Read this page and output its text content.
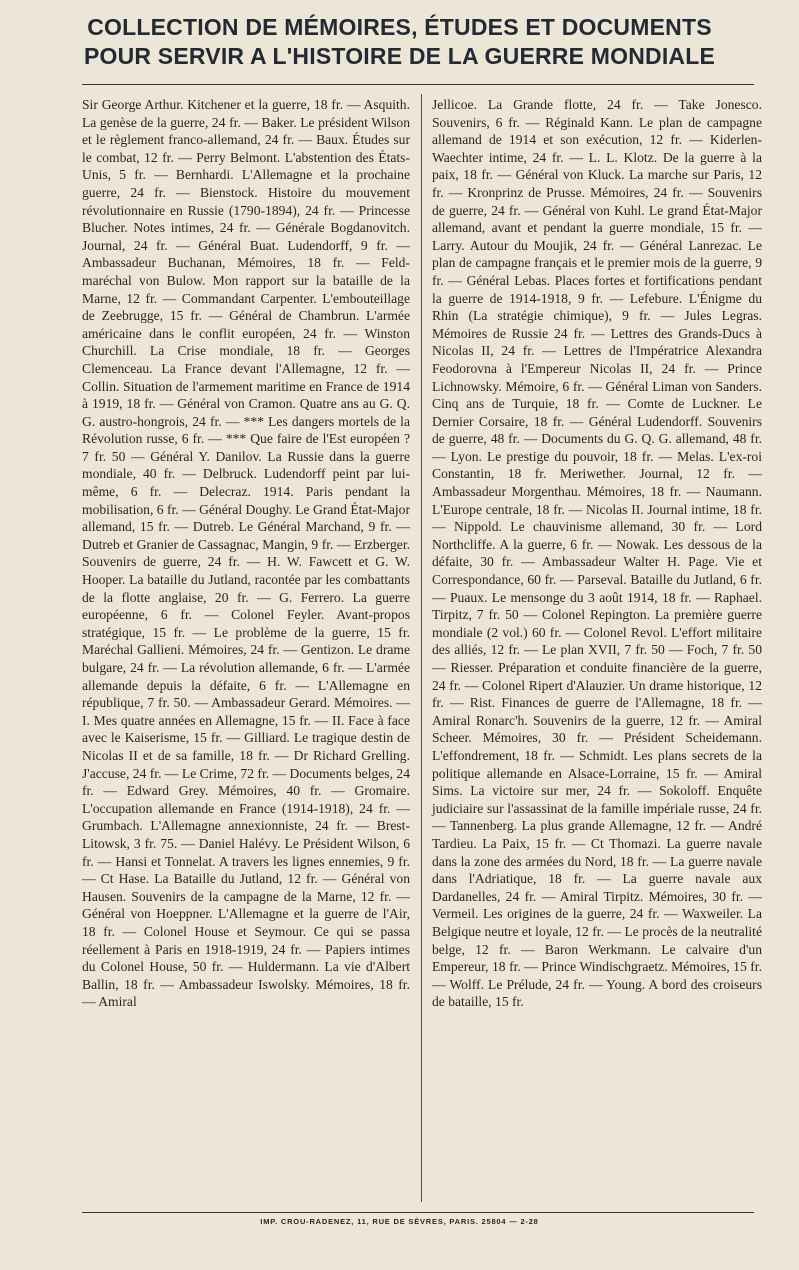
COLLECTION DE MÉMOIRES, ÉTUDES ET DOCUMENTS
POUR SERVIR A L'HISTOIRE DE LA GUERRE MONDIALE

Sir George Arthur. Kitchener et la guerre, 18 fr. — Asquith. La genèse de la guerre, 24 fr. — Baker. Le président Wilson et le règlement franco-allemand, 24 fr. — Baux. Études sur le combat, 12 fr. — Perry Belmont. L'abstention des États-Unis, 5 fr. — Bernhardi. L'Allemagne et la prochaine guerre, 24 fr. — Bienstock. Histoire du mouvement révolutionnaire en Russie (1790-1894), 24 fr. — Princesse Blucher. Notes intimes, 24 fr. — Générale Bogdanovitch. Journal, 24 fr. — Général Buat. Ludendorff, 9 fr. — Ambassadeur Buchanan, Mémoires, 18 fr. — Feld-maréchal von Bulow. Mon rapport sur la bataille de la Marne, 12 fr. — Commandant Carpenter. L'embouteillage de Zeebrugge, 15 fr. — Général de Chambrun. L'armée américaine dans le conflit européen, 24 fr. — Winston Churchill. La Crise mondiale, 18 fr. — Georges Clemenceau. La France devant l'Allemagne, 12 fr. — Collin. Situation de l'armement maritime en France de 1914 à 1919, 18 fr. — Général von Cramon. Quatre ans au G. Q. G. austro-hongrois, 24 fr. — *** Les dangers mortels de la Révolution russe, 6 fr. — *** Que faire de l'Est européen ? 7 fr. 50 — Général Y. Danilov. La Russie dans la guerre mondiale, 40 fr. — Delbruck. Ludendorff peint par lui-même, 6 fr. — Delecraz. 1914. Paris pendant la mobilisation, 6 fr. — Général Doughy. Le Grand État-Major allemand, 15 fr. — Dutreb. Le Général Marchand, 9 fr. — Dutreb et Granier de Cassagnac, Mangin, 9 fr. — Erzberger. Souvenirs de guerre, 24 fr. — H. W. Fawcett et G. W. Hooper. La bataille du Jutland, racontée par les combattants de la flotte anglaise, 20 fr. — G. Ferrero. La guerre européenne, 6 fr. — Colonel Feyler. Avant-propos stratégique, 15 fr. — Le problème de la guerre, 15 fr. Maréchal Gallieni. Mémoires, 24 fr. — Gentizon. Le drame bulgare, 24 fr. — La révolution allemande, 6 fr. — L'armée allemande depuis la défaite, 6 fr. — L'Allemagne en république, 7 fr. 50. — Ambassadeur Gerard. Mémoires. — I. Mes quatre années en Allemagne, 15 fr. — II. Face à face avec le Kaiserisme, 15 fr. — Gilliard. Le tragique destin de Nicolas II et de sa famille, 18 fr. — Dr Richard Grelling. J'accuse, 24 fr. — Le Crime, 72 fr. — Documents belges, 24 fr. — Edward Grey. Mémoires, 40 fr. — Gromaire. L'occupation allemande en France (1914-1918), 24 fr. — Grumbach. L'Allemagne annexionniste, 24 fr. — Brest-Litowsk, 3 fr. 75. — Daniel Halévy. Le Président Wilson, 6 fr. — Hansi et Tonnelat. A travers les lignes ennemies, 9 fr. — Ct Hase. La Bataille du Jutland, 12 fr. — Général von Hausen. Souvenirs de la campagne de la Marne, 12 fr. — Général von Hoeppner. L'Allemagne et la guerre de l'Air, 18 fr. — Colonel House et Seymour. Ce qui se passa réellement à Paris en 1918-1919, 24 fr. — Papiers intimes du Colonel House, 50 fr. — Huldermann. La vie d'Albert Ballin, 18 fr. — Ambassadeur Iswolsky. Mémoires, 18 fr. — Amiral

Jellicoe. La Grande flotte, 24 fr. — Take Jonesco. Souvenirs, 6 fr. — Réginald Kann. Le plan de campagne allemand de 1914 et son exécution, 12 fr. — Kiderlen-Waechter intime, 24 fr. — L. L. Klotz. De la guerre à la paix, 18 fr. — Général von Kluck. La marche sur Paris, 12 fr. — Kronprinz de Prusse. Mémoires, 24 fr. — Souvenirs de guerre, 24 fr. — Général von Kuhl. Le grand État-Major allemand, avant et pendant la guerre mondiale, 15 fr. — Larry. Autour du Moujik, 24 fr. — Général Lanrezac. Le plan de campagne français et le premier mois de la guerre, 9 fr. — Général Lebas. Places fortes et fortifications pendant la guerre de 1914-1918, 9 fr. — Lefebure. L'Énigme du Rhin (La stratégie chimique), 9 fr. — Jules Legras. Mémoires de Russie 24 fr. — Lettres des Grands-Ducs à Nicolas II, 24 fr. — Lettres de l'Impératrice Alexandra Feodorovna à l'Empereur Nicolas II, 24 fr. — Prince Lichnowsky. Mémoire, 6 fr. — Général Liman von Sanders. Cinq ans de Turquie, 18 fr. — Comte de Luckner. Le Dernier Corsaire, 18 fr. — Général Ludendorff. Souvenirs de guerre, 48 fr. — Documents du G. Q. G. allemand, 48 fr. — Lyon. Le prestige du pouvoir, 18 fr. — Melas. L'ex-roi Constantin, 18 fr. Meriwether. Journal, 12 fr. — Ambassadeur Morgenthau. Mémoires, 18 fr. — Naumann. L'Europe centrale, 18 fr. — Nicolas II. Journal intime, 18 fr. — Nippold. Le chauvinisme allemand, 30 fr. — Lord Northcliffe. A la guerre, 6 fr. — Nowak. Les dessous de la défaite, 30 fr. — Ambassadeur Walter H. Page. Vie et Correspondance, 60 fr. — Parseval. Bataille du Jutland, 6 fr. — Puaux. Le mensonge du 3 août 1914, 18 fr. — Raphael. Tirpitz, 7 fr. 50 — Colonel Repington. La première guerre mondiale (2 vol.) 60 fr. — Colonel Revol. L'effort militaire des alliés, 12 fr. — Le plan XVII, 7 fr. 50 — Foch, 7 fr. 50 — Riesser. Préparation et conduite financière de la guerre, 24 fr. — Colonel Ripert d'Alauzier. Un drame historique, 12 fr. — Rist. Finances de guerre de l'Allemagne, 18 fr. — Amiral Ronarc'h. Souvenirs de la guerre, 12 fr. — Amiral Scheer. Mémoires, 30 fr. — Président Scheidemann. L'effondrement, 18 fr. — Schmidt. Les plans secrets de la politique allemande en Alsace-Lorraine, 15 fr. — Amiral Sims. La victoire sur mer, 24 fr. — Sokoloff. Enquête judiciaire sur l'assassinat de la famille impériale russe, 24 fr. — Tannenberg. La plus grande Allemagne, 12 fr. — André Tardieu. La Paix, 15 fr. — Ct Thomazi. La guerre navale dans la zone des armées du Nord, 18 fr. — La guerre navale dans l'Adriatique, 18 fr. — La guerre navale aux Dardanelles, 24 fr. — Amiral Tirpitz. Mémoires, 30 fr. — Vermeil. Les origines de la guerre, 24 fr. — Waxweiler. La Belgique neutre et loyale, 12 fr. — Le procès de la neutralité belge, 12 fr. — Baron Werkmann. Le calvaire d'un Empereur, 18 fr. — Prince Windischgraetz. Mémoires, 15 fr. — Wolff. Le Prélude, 24 fr. — Young. A bord des croiseurs de bataille, 15 fr.

IMP. CROU-RADENEZ, 11, RUE DE SÈVRES, PARIS. 25804 — 2-28
